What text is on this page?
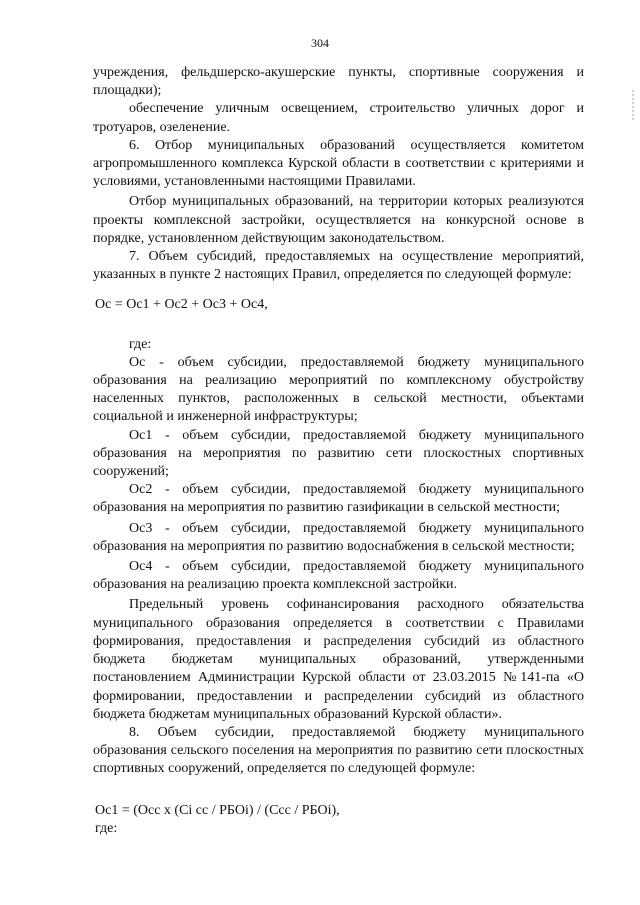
304

учреждения, фельдшерско-акушерские пункты, спортивные сооружения и площадки);

обеспечение уличным освещением, строительство уличных дорог и тротуаров, озеленение.

6. Отбор муниципальных образований осуществляется комитетом агропромышленного комплекса Курской области в соответствии с критериями и условиями, установленными настоящими Правилами.

Отбор муниципальных образований, на территории которых реализуются проекты комплексной застройки, осуществляется на конкурсной основе в порядке, установленном действующим законодательством.

7. Объем субсидий, предоставляемых на осуществление мероприятий, указанных в пункте 2 настоящих Правил, определяется по следующей формуле:

Ос = Ос1 + Ос2 + Ос3 + Ос4,

где:

Ос - объем субсидии, предоставляемой бюджету муниципального образования на реализацию мероприятий по комплексному обустройству населенных пунктов, расположенных в сельской местности, объектами социальной и инженерной инфраструктуры;

Ос1 - объем субсидии, предоставляемой бюджету муниципального образования на мероприятия по развитию сети плоскостных спортивных сооружений;

Ос2 - объем субсидии, предоставляемой бюджету муниципального образования на мероприятия по развитию газификации в сельской местности;

Ос3 - объем субсидии, предоставляемой бюджету муниципального образования на мероприятия по развитию водоснабжения в сельской местности;

Ос4 - объем субсидии, предоставляемой бюджету муниципального образования на реализацию проекта комплексной застройки.

Предельный уровень софинансирования расходного обязательства муниципального образования определяется в соответствии с Правилами формирования, предоставления и распределения субсидий из областного бюджета бюджетам муниципальных образований, утвержденными постановлением Администрации Курской области от 23.03.2015 №141-па «О формировании, предоставлении и распределении субсидий из областного бюджета бюджетам муниципальных образований Курской области».

8. Объем субсидии, предоставляемой бюджету муниципального образования сельского поселения на мероприятия по развитию сети плоскостных спортивных сооружений, определяется по следующей формуле:

Ос1 = (Осс x (Ci cc / РБОi) / (Ccc / РБОi),

где:
